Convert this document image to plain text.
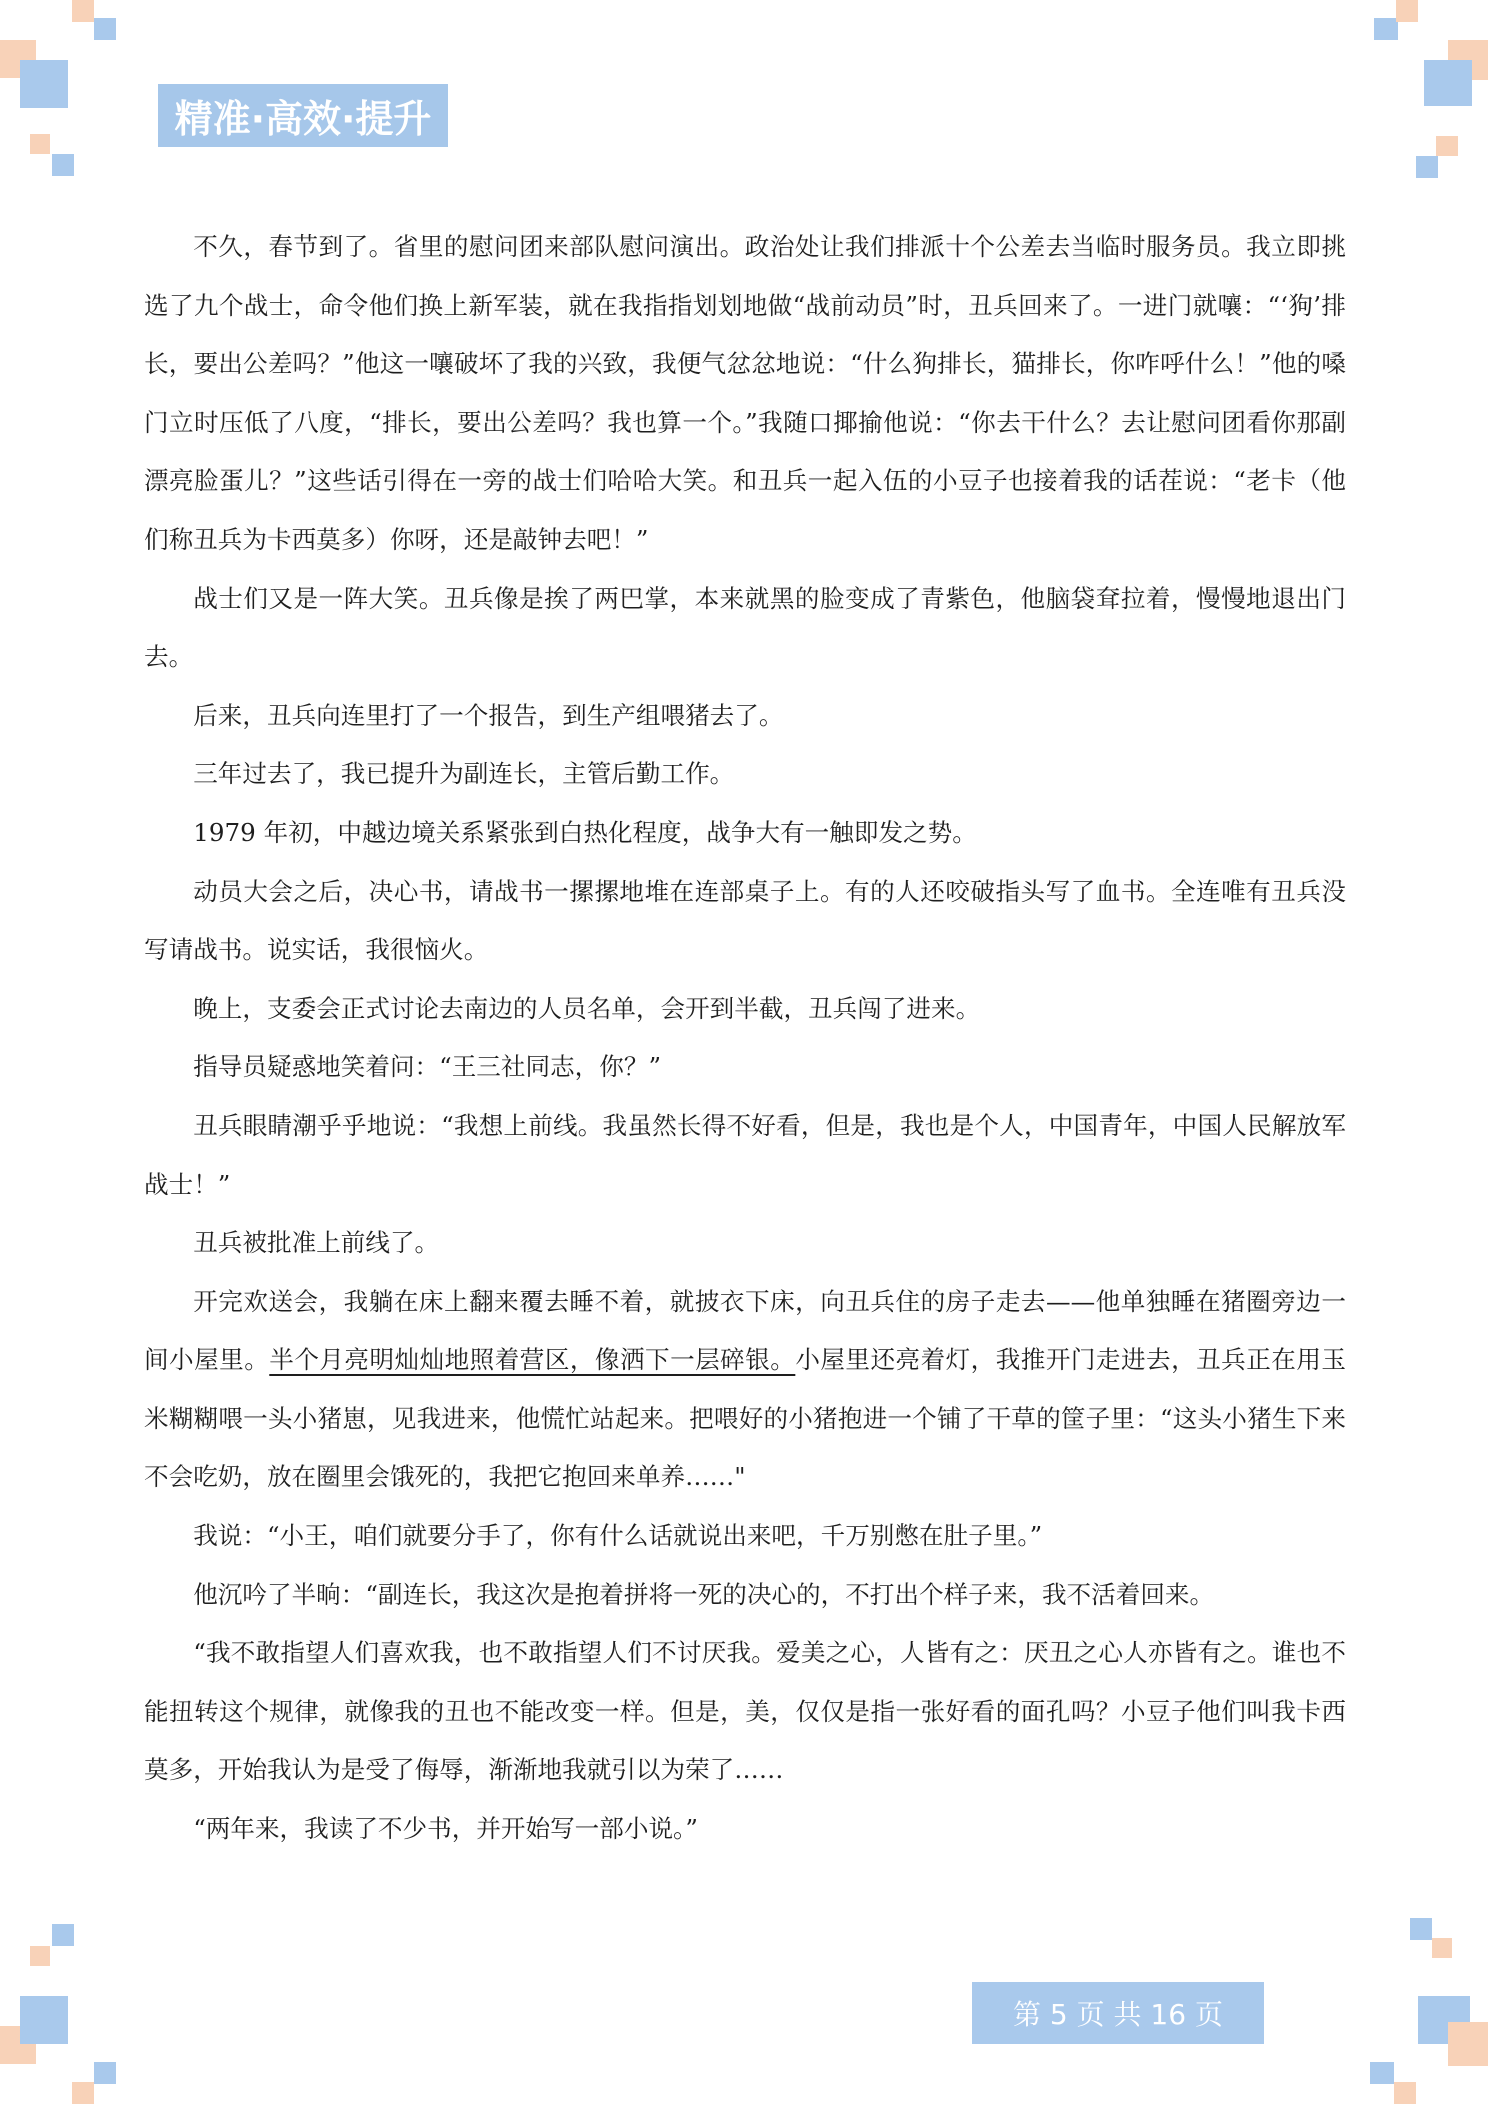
精准·高效·提升

不久，春节到了。省里的慰问团来部队慰问演出。政治处让我们排派十个公差去当临时服务员。我立即挑选了九个战士，命令他们换上新军装，就在我指指划划地做“战前动员”时，丑兵回来了。一进门就嚷：“‘狗’排长，要出公差吗？”他这一嚷破坏了我的兴致，我便气忿忿地说：“什么狗排长，猫排长，你咋呼什么！”他的嗓门立时压低了八度，“排长，要出公差吗？我也算一个。”我随口揶揄他说：“你去干什么？去让慰问团看你那副漂亮脸蛋儿？”这些话引得在一旁的战士们哈哈大笑。和丑兵一起入伍的小豆子也接着我的话茬说：“老卡（他们称丑兵为卡西莫多）你呀，还是敲钟去吧！”

战士们又是一阵大笑。丑兵像是挨了两巴掌，本来就黑的脸变成了青紫色，他脑袋耷拉着，慢慢地退出门去。

后来，丑兵向连里打了一个报告，到生产组喂猪去了。

三年过去了，我已提升为副连长，主管后勤工作。

1979 年初，中越边境关系紧张到白热化程度，战争大有一触即发之势。

动员大会之后，决心书，请战书一摞摞地堆在连部桌子上。有的人还咬破指头写了血书。全连唯有丑兵没写请战书。说实话，我很恼火。

晚上，支委会正式讨论去南边的人员名单，会开到半截，丑兵闯了进来。

指导员疑惑地笑着问：“王三社同志，你？”

丑兵眼睛潮乎乎地说：“我想上前线。我虽然长得不好看，但是，我也是个人，中国青年，中国人民解放军战士！”

丑兵被批准上前线了。

开完欢送会，我躺在床上翻来覆去睡不着，就披衣下床，向丑兵住的房子走去——他单独睡在猪圈旁边一间小屋里。半个月亮明灿灿地照着营区，像洒下一层碎银。小屋里还亮着灯，我推开门走进去，丑兵正在用玉米糊糊喂一头小猪崽，见我进来，他慌忙站起来。把喂好的小猪抱进一个铺了干草的筐子里：“这头小猪生下来不会吃奶，放在圈里会饿死的，我把它抱回来单养……"

我说：“小王，咱们就要分手了，你有什么话就说出来吧，千万别憋在肚子里。”

他沉吟了半晌：“副连长，我这次是抱着拼将一死的决心的，不打出个样子来，我不活着回来。

“我不敢指望人们喜欢我，也不敢指望人们不讨厌我。爱美之心，人皆有之：厌丑之心人亦皆有之。谁也不能扭转这个规律，就像我的丑也不能改变一样。但是，美，仅仅是指一张好看的面孔吗？小豆子他们叫我卡西莫多，开始我认为是受了侮辱，渐渐地我就引以为荣了……

“两年来，我读了不少书，并开始写一部小说。”

第 5 页 共 16 页
